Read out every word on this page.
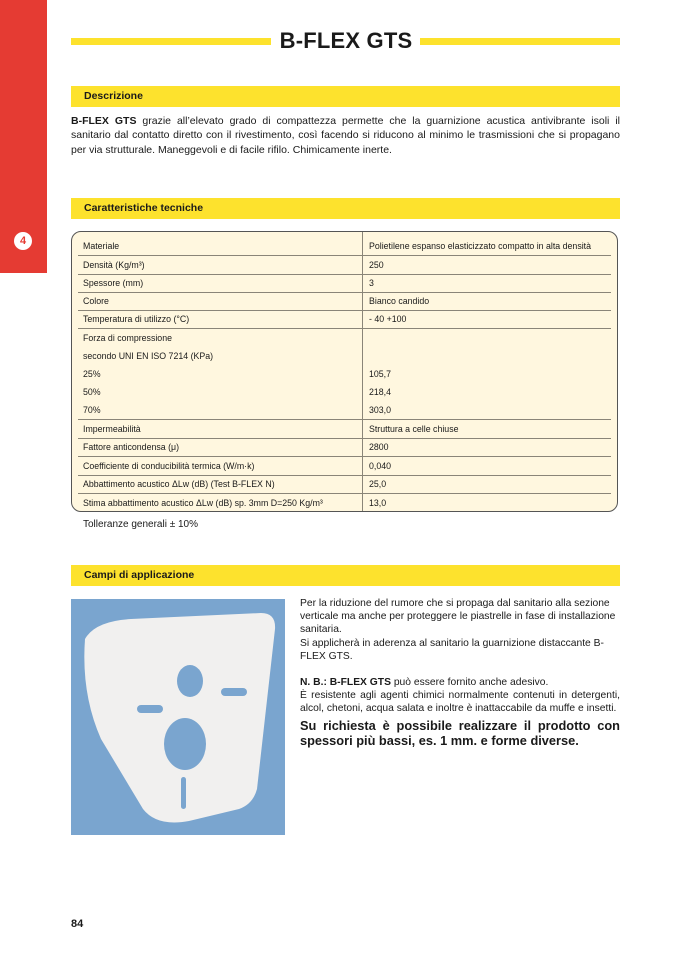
4
B-FLEX GTS
Descrizione
B-FLEX GTS grazie all’elevato grado di compattezza permette che la guarnizione acustica antivibrante isoli il sanitario dal contatto diretto con il rivestimento, così facendo si riducono al minimo le trasmissioni che si propagano per via strutturale. Maneggevoli e di facile rifilo. Chimicamente inerte.
Caratteristiche tecniche
Materiale	Polietilene espanso elasticizzato compatto in alta densità
Densità (Kg/m³)	250
Spessore (mm)	3
Colore	Bianco candido
Temperatura di utilizzo (°C)	- 40 +100
Forza di compressione
secondo UNI EN ISO 7214 (KPa)
25%	105,7
50%	218,4
70%	303,0
Impermeabilità	Struttura a celle chiuse
Fattore anticondensa (μ)	2800
Coefficiente di conducibilità termica (W/m·k)	0,040
Abbattimento acustico ΔLw (dB) (Test B-FLEX N)	25,0
Stima abbattimento acustico ΔLw (dB) sp. 3mm D=250 Kg/m³	13,0
Tolleranze generali ± 10%
Campi di applicazione

Per la riduzione del rumore che si propaga dal sanitario alla sezione verticale ma anche per proteggere le piastrelle in fase di installazione sanitaria.

Si applicherà in aderenza al sanitario la guarnizione distaccante B-FLEX GTS.

N. B.: B-FLEX GTS può essere fornito anche adesivo.

È resistente agli agenti chimici normalmente contenuti in detergenti, alcol, chetoni, acqua salata e inoltre è inattaccabile da muffe e insetti.

Su richiesta è possibile realizzare il prodotto con spessori più bassi, es. 1 mm. e forme diverse.

84
